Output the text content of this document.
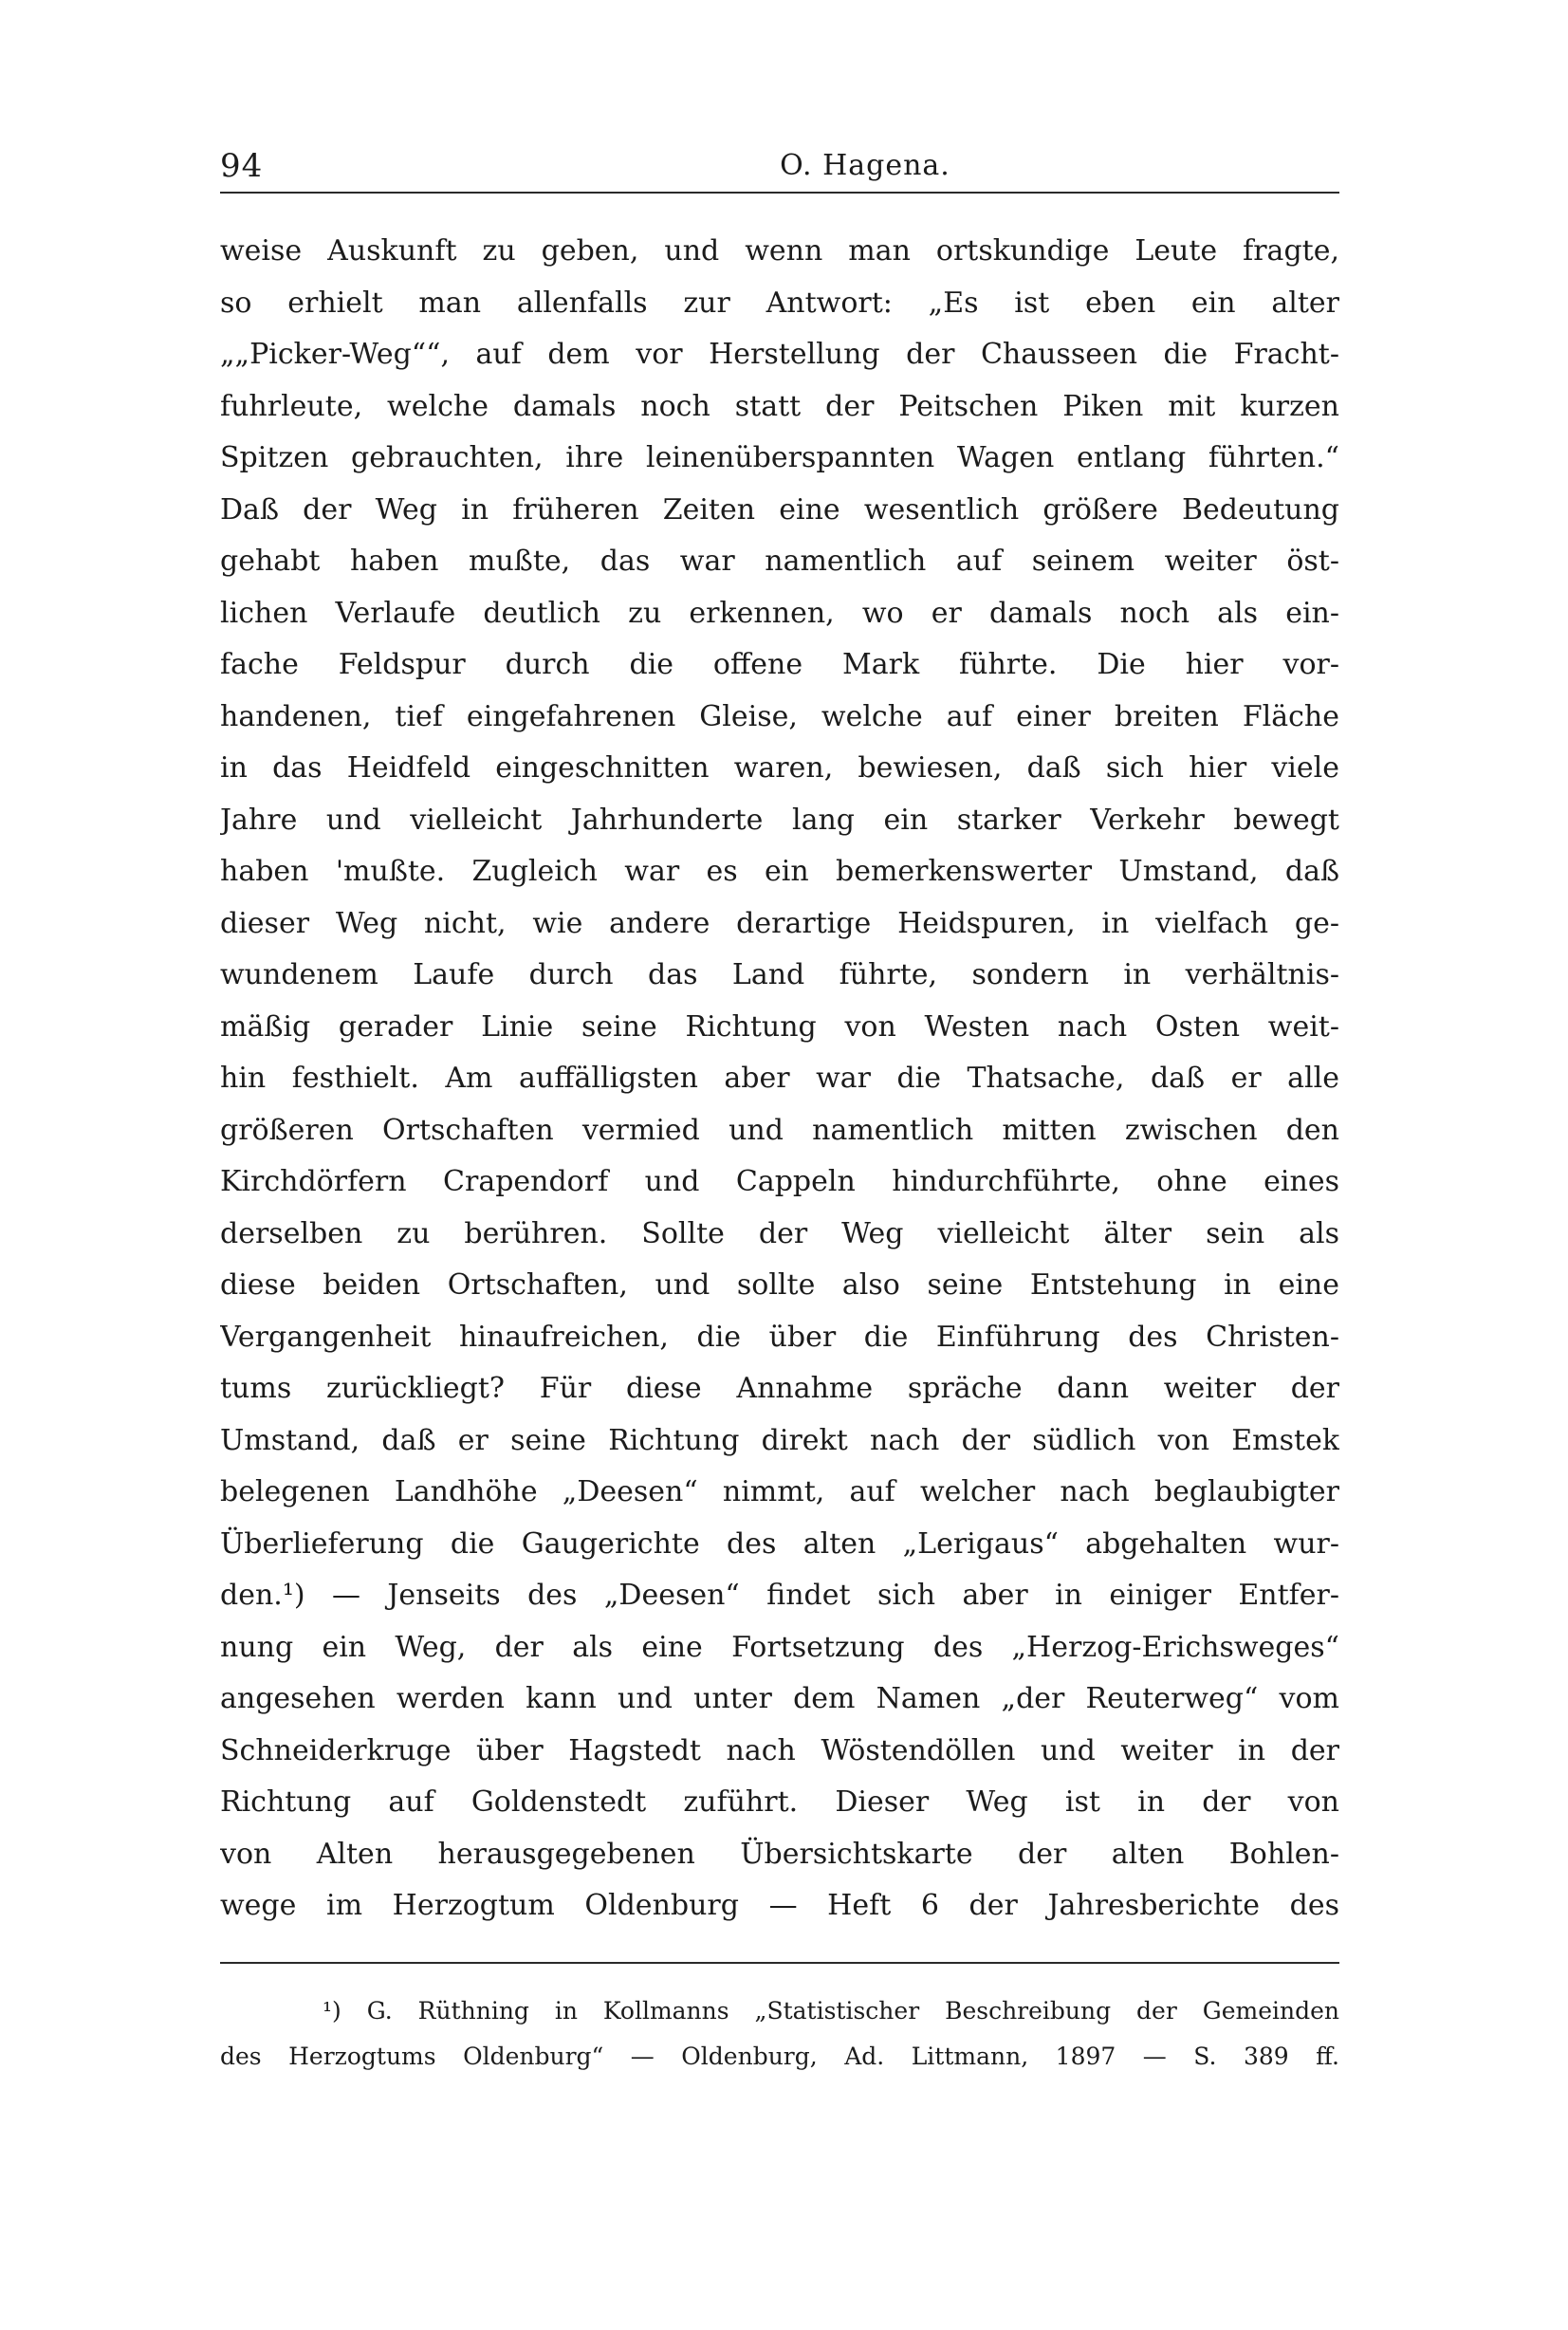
94	O. Hagena.
weise Auskunft zu geben, und wenn man ortskundige Leute fragte,
so erhielt man allenfalls zur Antwort: „Es ist eben ein alter
„„Picker-Weg““, auf dem vor Herstellung der Chausseen die Fracht-
fuhrleute, welche damals noch statt der Peitschen Piken mit kurzen
Spitzen gebrauchten, ihre leinenüberspannten Wagen entlang führten.“
Daß der Weg in früheren Zeiten eine wesentlich größere Bedeutung
gehabt haben mußte, das war namentlich auf seinem weiter öst-
lichen Verlaufe deutlich zu erkennen, wo er damals noch als ein-
fache Feldspur durch die offene Mark führte. Die hier vor-
handenen, tief eingefahrenen Gleise, welche auf einer breiten Fläche
in das Heidfeld eingeschnitten waren, bewiesen, daß sich hier viele
Jahre und vielleicht Jahrhunderte lang ein starker Verkehr bewegt
haben 'mußte. Zugleich war es ein bemerkenswerter Umstand, daß
dieser Weg nicht, wie andere derartige Heidspuren, in vielfach ge-
wundenem Laufe durch das Land führte, sondern in verhältnis-
mäßig gerader Linie seine Richtung von Westen nach Osten weit-
hin festhielt. Am auffälligsten aber war die Thatsache, daß er alle
größeren Ortschaften vermied und namentlich mitten zwischen den
Kirchdörfern Crapendorf und Cappeln hindurchführte, ohne eines
derselben zu berühren. Sollte der Weg vielleicht älter sein als
diese beiden Ortschaften, und sollte also seine Entstehung in eine
Vergangenheit hinaufreichen, die über die Einführung des Christen-
tums zurückliegt? Für diese Annahme spräche dann weiter der
Umstand, daß er seine Richtung direkt nach der südlich von Emstek
belegenen Landhöhe „Deesen“ nimmt, auf welcher nach beglaubigter
Überlieferung die Gaugerichte des alten „Lerigaus“ abgehalten wur-
den.¹) — Jenseits des „Deesen“ findet sich aber in einiger Entfer-
nung ein Weg, der als eine Fortsetzung des „Herzog-Erichsweges“
angesehen werden kann und unter dem Namen „der Reuterweg“ vom
Schneiderkruge über Hagstedt nach Wöstendöllen und weiter in der
Richtung auf Goldenstedt zuführt. Dieser Weg ist in der von
von Alten herausgegebenen Übersichtskarte der alten Bohlen-
wege im Herzogtum Oldenburg — Heft 6 der Jahresberichte des
¹) G. Rüthning in Kollmanns „Statistischer Beschreibung der Gemeinden
des Herzogtums Oldenburg“ — Oldenburg, Ad. Littmann, 1897 — S. 389 ff.
